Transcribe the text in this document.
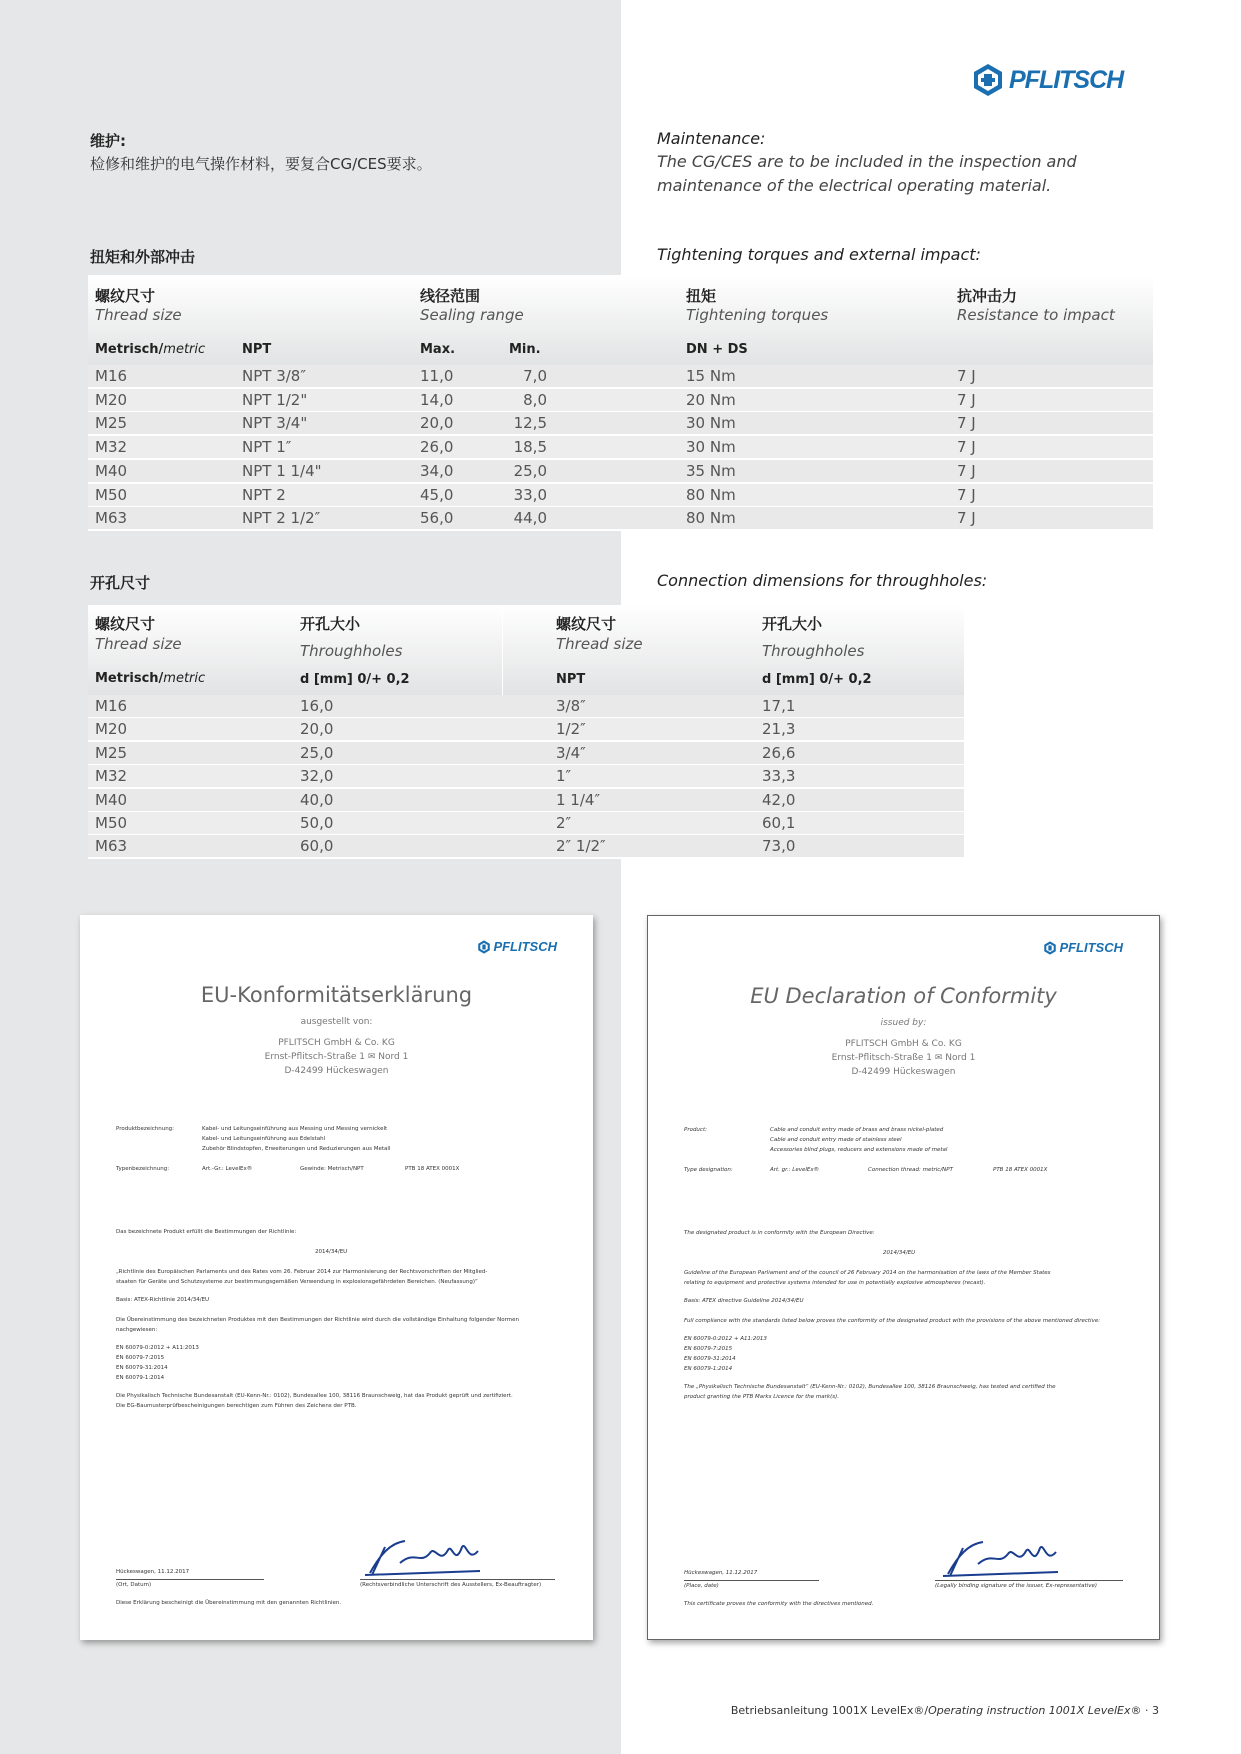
PFLITSCH
维护:
检修和维护的电气操作材料，要复合CG/CES要求。
Maintenance:
The CG/CES are to be included in the inspection and maintenance of the electrical operating material.
扭矩和外部冲击	Tightening torques and external impact:
螺纹尺寸
Thread size
线径范围
Sealing range
扭矩
Tightening torques
抗冲击力
Resistance to impact
Metrisch/metric	NPT	Max.	Min.	DN + DS
M16	NPT 3/8″	11,0	7,0	15 Nm	7 J
M20	NPT 1/2"	14,0	8,0	20 Nm	7 J
M25	NPT 3/4"	20,0	12,5	30 Nm	7 J
M32	NPT 1″	26,0	18,5	30 Nm	7 J
M40	NPT 1 1/4"	34,0	25,0	35 Nm	7 J
M50	NPT 2	45,0	33,0	80 Nm	7 J
M63	NPT 2 1/2″	56,0	44,0	80 Nm	7 J
开孔尺寸	Connection dimensions for throughholes:
螺纹尺寸
Thread size
开孔大小
Throughholes
Metrisch/metric	d [mm] 0/+ 0,2
螺纹尺寸
Thread size
开孔大小
Throughholes
NPT	d [mm] 0/+ 0,2
M16	16,0	3/8″	17,1
M20	20,0	1/2″	21,3
M25	25,0	3/4″	26,6
M32	32,0	1″	33,3
M40	40,0	1 1/4″	42,0
M50	50,0	2″	60,1
M63	60,0	2″ 1/2″	73,0
PFLITSCH
EU-Konformitätserklärung
ausgestellt von:
PFLITSCH GmbH & Co. KG
Ernst-Pflitsch-Straße 1 ✉ Nord 1
D-42499 Hückeswagen
Produktbezeichnung:	Kabel- und Leitungseinführung aus Messing und Messing vernickelt
Kabel- und Leitungseinführung aus Edelstahl
Zubehör Blindstopfen, Erweiterungen und Reduzierungen aus Metall
Typenbezeichnung:	Art.-Gr.: LevelEx®	Gewinde: Metrisch/NPT	PTB 18 ATEX 0001X
Das bezeichnete Produkt erfüllt die Bestimmungen der Richtlinie:
2014/34/EU
„Richtlinie des Europäischen Parlaments und des Rates vom 26. Februar 2014 zur Harmonisierung der Rechtsvorschriften der Mitglied-
staaten für Geräte und Schutzsysteme zur bestimmungsgemäßen Verwendung in explosionsgefährdeten Bereichen. (Neufassung)“
Basis: ATEX-Richtlinie 2014/34/EU
Die Übereinstimmung des bezeichneten Produktes mit den Bestimmungen der Richtlinie wird durch die vollständige Einhaltung folgender Normen
nachgewiesen:
EN 60079-0:2012 + A11:2013
EN 60079-7:2015
EN 60079-31:2014
EN 60079-1:2014
Die Physikalisch Technische Bundesanstalt (EU-Kenn-Nr.: 0102), Bundesallee 100, 38116 Braunschweig, hat das Produkt geprüft und zertifiziert.
Die EG-Baumusterprüfbescheinigungen berechtigen zum Führen des Zeichens der PTB.
Hückeswagen, 11.12.2017
(Ort, Datum)	(Rechtsverbindliche Unterschrift des Ausstellers, Ex-Beauftragter)
Diese Erklärung bescheinigt die Übereinstimmung mit den genannten Richtlinien.
PFLITSCH
EU Declaration of Conformity
issued by:
PFLITSCH GmbH & Co. KG
Ernst-Pflitsch-Straße 1 ✉ Nord 1
D-42499 Hückeswagen
Product:	Cable and conduit entry made of brass and brass nickel-plated
Cable and conduit entry made of stainless steel
Accessories blind plugs, reducers and extensions made of metal
Type designation:	Art. gr.: LevelEx®	Connection thread: metric/NPT	PTB 18 ATEX 0001X
The designated product is in conformity with the European Directive:
2014/34/EU
Guideline of the European Parliament and of the council of 26 February 2014 on the harmonisation of the laws of the Member States
relating to equipment and protective systems intended for use in potentially explosive atmospheres (recast).
Basis: ATEX directive Guideline 2014/34/EU
Full compliance with the standards listed below proves the conformity of the designated product with the provisions of the above mentioned directive:
EN 60079-0:2012 + A11:2013
EN 60079-7:2015
EN 60079-31:2014
EN 60079-1:2014
The „Physikalisch Technische Bundesanstalt“ (EU-Kenn-Nr.: 0102), Bundesallee 100, 38116 Braunschweig, has tested and certified the
product granting the PTB Marks Licence for the mark(s).
Hückeswagen, 11.12.2017
(Place, date)	(Legally binding signature of the issuer, Ex-representative)
This certificate proves the conformity with the directives mentioned.
Betriebsanleitung 1001X LevelEx®/Operating instruction 1001X LevelEx® · 3
